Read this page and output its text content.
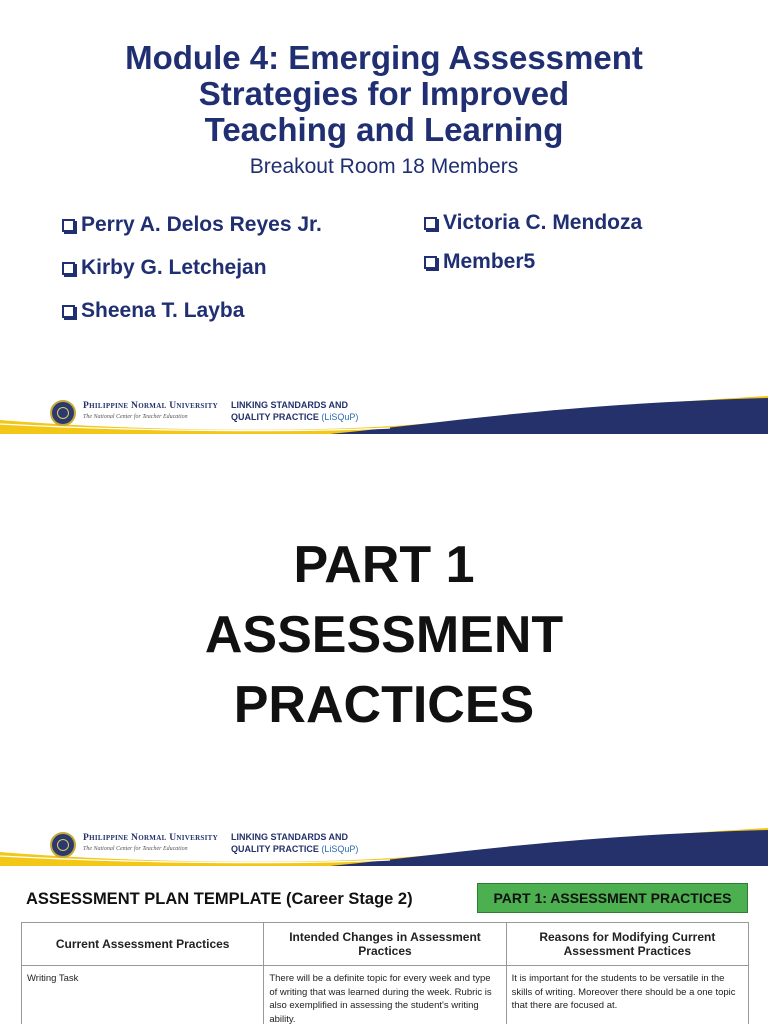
Module 4: Emerging Assessment
Strategies for Improved
Teaching and Learning
Breakout Room 18 Members
Perry A. Delos Reyes Jr.
Kirby G. Letchejan
Sheena T. Layba
Victoria C. Mendoza
Member5
Philippine Normal University
The National Center for Teacher Education
LINKING STANDARDS AND
QUALITY PRACTICE (LiSQuP)
PART 1
ASSESSMENT
PRACTICES
Philippine Normal University
The National Center for Teacher Education
LINKING STANDARDS AND
QUALITY PRACTICE (LiSQuP)
ASSESSMENT PLAN TEMPLATE (Career Stage 2)	PART 1: ASSESSMENT PRACTICES
Current Assessment Practices	Intended Changes in Assessment Practices	Reasons for Modifying Current Assessment Practices
Writing Task	There will be a definite topic for every week and type of writing that was learned during the week. Rubric is also exemplified in assessing the student's writing ability.	It is important for the students to be versatile in the skills of writing. Moreover there should be a one topic that there are focused at.
